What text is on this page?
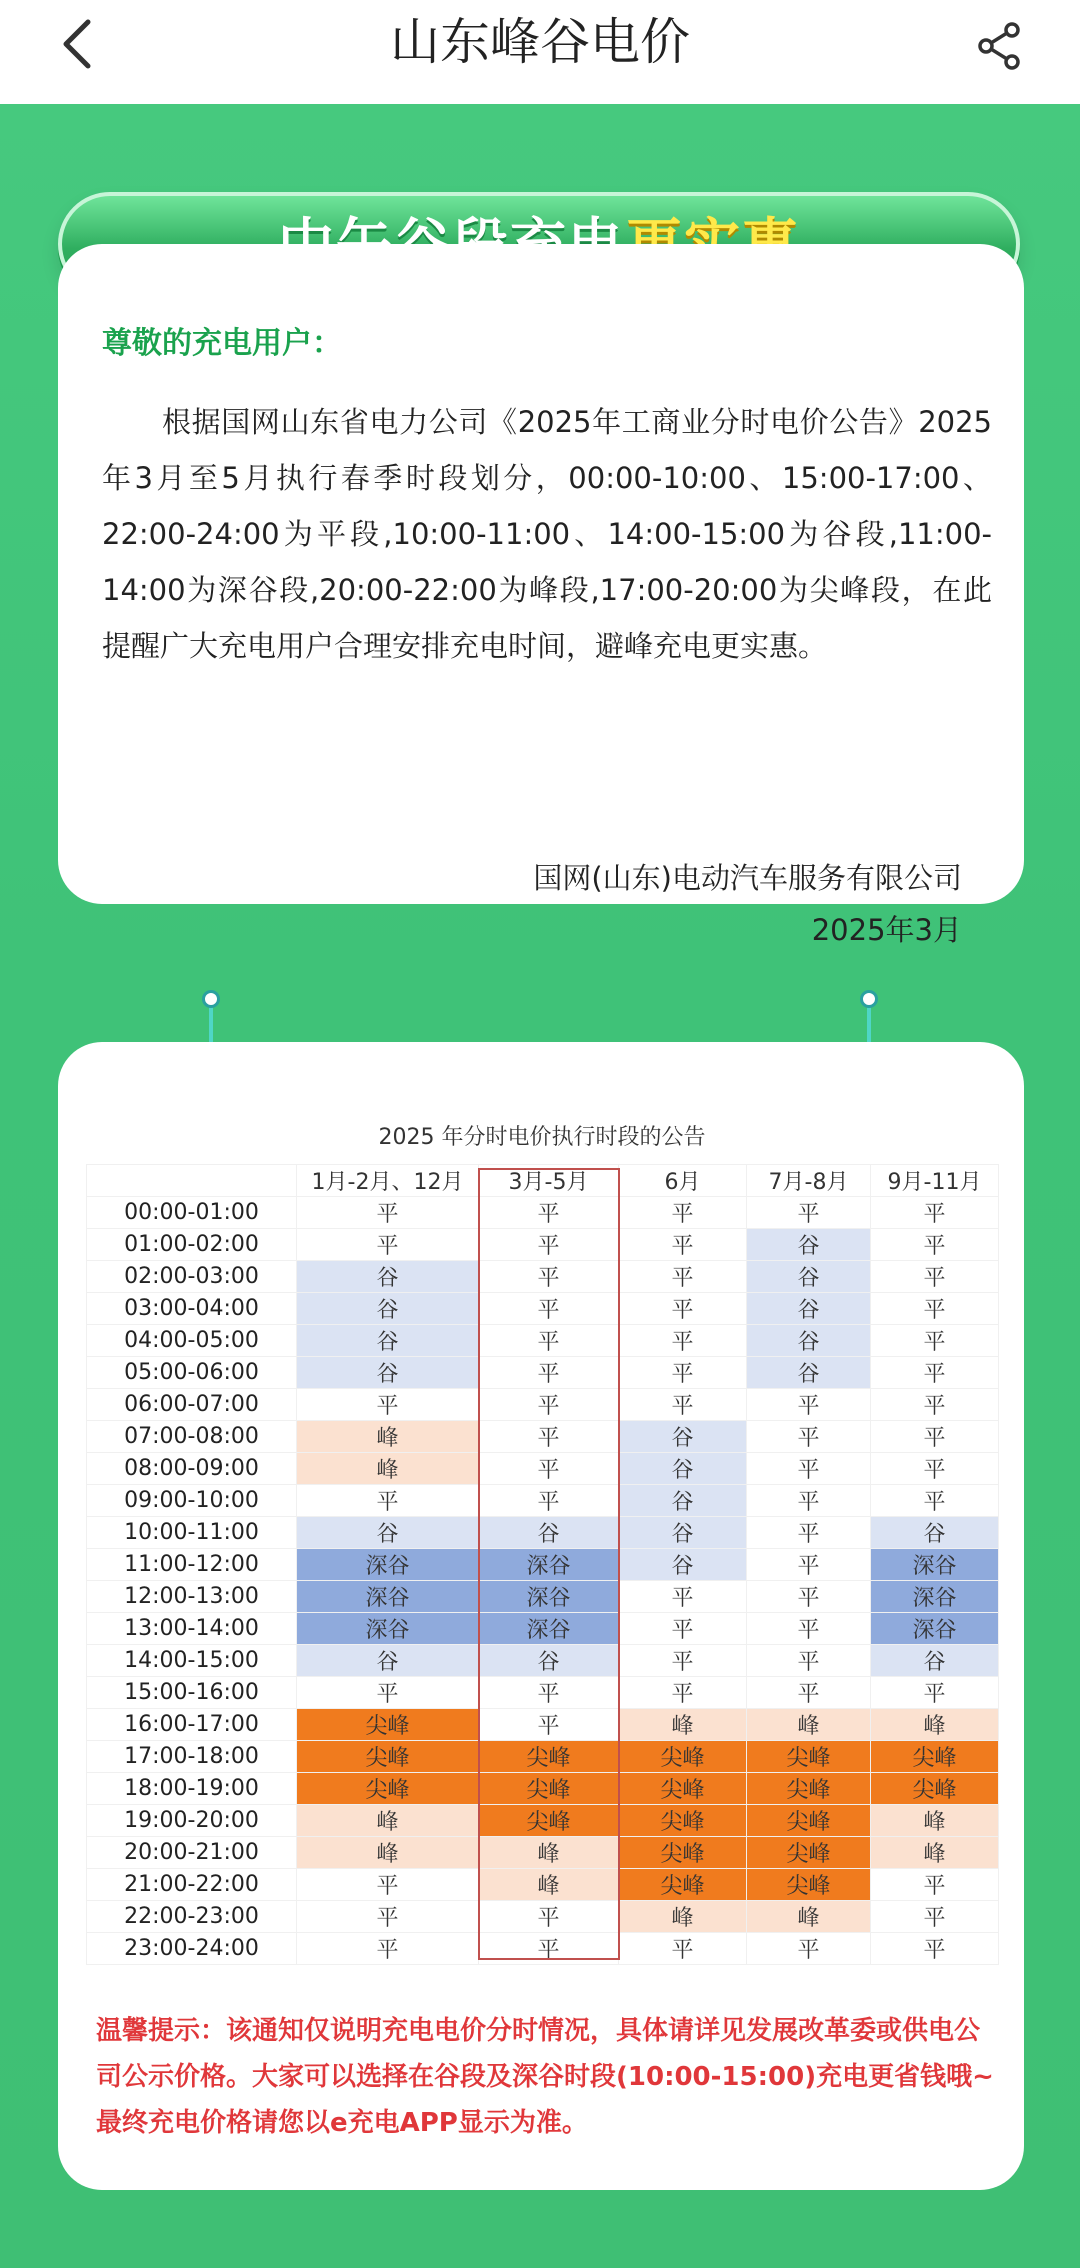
山东峰谷电价
尊敬的充电用户：
根据国网山东省电力公司《2025年工商业分时电价公告》2025年3月至5月执行春季时段划分，00:00-10:00、15:00-17:00、22:00-24:00为平段,10:00-11:00、14:00-15:00为谷段,11:00-14:00为深谷段,20:00-22:00为峰段,17:00-20:00为尖峰段，在此提醒广大充电用户合理安排充电时间，避峰充电更实惠。
国网(山东)电动汽车服务有限公司
2025年3月
2025 年分时电价执行时段的公告
	1月-2月、12月	3月-5月	6月	7月-8月	9月-11月
00:00-01:00	平	平	平	平	平
01:00-02:00	平	平	平	谷	平
02:00-03:00	谷	平	平	谷	平
03:00-04:00	谷	平	平	谷	平
04:00-05:00	谷	平	平	谷	平
05:00-06:00	谷	平	平	谷	平
06:00-07:00	平	平	平	平	平
07:00-08:00	峰	平	谷	平	平
08:00-09:00	峰	平	谷	平	平
09:00-10:00	平	平	谷	平	平
10:00-11:00	谷	谷	谷	平	谷
11:00-12:00	深谷	深谷	谷	平	深谷
12:00-13:00	深谷	深谷	平	平	深谷
13:00-14:00	深谷	深谷	平	平	深谷
14:00-15:00	谷	谷	平	平	谷
15:00-16:00	平	平	平	平	平
16:00-17:00	尖峰	平	峰	峰	峰
17:00-18:00	尖峰	尖峰	尖峰	尖峰	尖峰
18:00-19:00	尖峰	尖峰	尖峰	尖峰	尖峰
19:00-20:00	峰	尖峰	尖峰	尖峰	峰
20:00-21:00	峰	峰	尖峰	尖峰	峰
21:00-22:00	平	峰	尖峰	尖峰	平
22:00-23:00	平	平	峰	峰	平
23:00-24:00	平	平	平	平	平
温馨提示：该通知仅说明充电电价分时情况，具体请详见发展改革委或供电公司公示价格。大家可以选择在谷段及深谷时段(10:00-15:00)充电更省钱哦~最终充电价格请您以e充电APP显示为准。
